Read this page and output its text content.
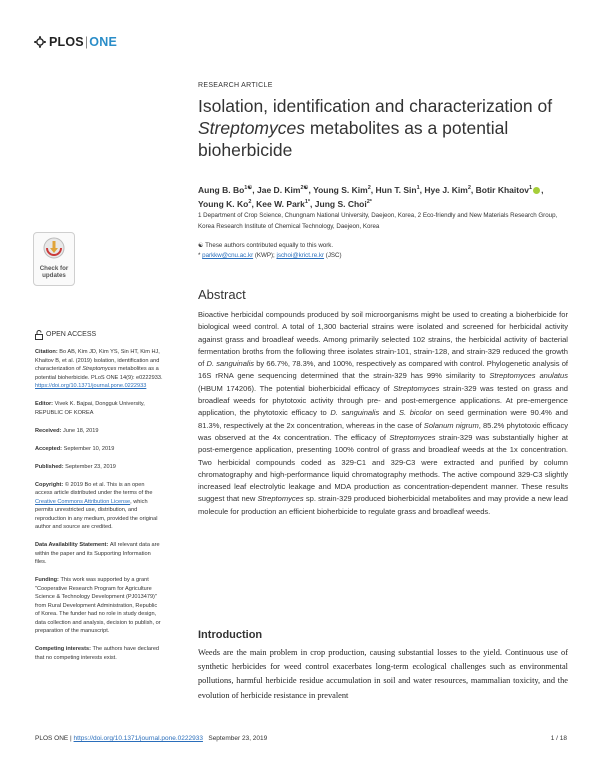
PLOS | ONE
RESEARCH ARTICLE
Isolation, identification and characterization of Streptomyces metabolites as a potential bioherbicide
Aung B. $Bo^{1☯}$, Jae D. Kim$^{2☯}$, Young S. Kim$^2$, Hun T. Sin$^1$, Hye J. Kim$^2$, Botir Khaitov$^1$ , Young K. Ko$^2$, Kee W. Park$^{1*}$, Jung S. Choi$^{2*}$
1 Department of Crop Science, Chungnam National University, Daejeon, Korea, 2 Eco-friendly and New Materials Research Group, Korea Research Institute of Chemical Technology, Daejeon, Korea
☯ These authors contributed equally to this work.
* parkkw@cnu.ac.kr (KWP); jschoi@krict.re.kr (JSC)
Check for
updates
OPEN ACCESS

Citation: Bo AB, Kim JD, Kim YS, Sin HT, Kim HJ, Khaitov B, et al. (2019) Isolation, identification and characterization of Streptomyces metabolites as a potential bioherbicide. PLoS ONE 14(9): e0222933. https://doi.org/10.1371/journal.pone.0222933

Editor: Vivek K. Bajpai, Dongguk University, REPUBLIC OF KOREA

Received: June 18, 2019

Accepted: September 10, 2019

Published: September 23, 2019

Copyright: © 2019 Bo et al. This is an open access article distributed under the terms of the Creative Commons Attribution License, which permits unrestricted use, distribution, and reproduction in any medium, provided the original author and source are credited.

Data Availability Statement: All relevant data are within the paper and its Supporting Information files.

Funding: This work was supported by a grant "Cooperative Research Program for Agriculture Science & Technology Development (PJ013479)" from Rural Development Administration, Republic of Korea. The funder had no role in study design, data collection and analysis, decision to publish, or preparation of the manuscript.

Competing interests: The authors have declared that no competing interests exist.

Abstract
Bioactive herbicidal compounds produced by soil microorganisms might be used to creating a bioherbicide for biological weed control. A total of 1,300 bacterial strains were isolated and screened for herbicidal activity against grass and broadleaf weeds. Among primarily selected 102 strains, the herbicidal activity of bacterial fermentation broths from the following three isolates strain-101, strain-128, and strain-329 reduced the growth of D. sanguinalis by 66.7%, 78.3%, and 100%, respectively as compared with control. Phylogenetic analysis of 16S rRNA gene sequencing determined that the strain-329 has 99% similarity to Streptomyces anulatus (HBUM 174206). The potential bioherbicidal efficacy of Streptomyces strain-329 was tested on grass and broadleaf weeds for phytotoxic activity through pre- and post-emergence applications. At pre-emergence application, the phytotoxic efficacy to D. sanguinalis and S. bicolor on seed germination were 90.4% and 81.3%, respectively at the 2x concentration, whereas in the case of Solanum nigrum, 85.2% phytotoxic efficacy was observed at the 4x concentration. The efficacy of Streptomyces strain-329 was substantially higher at post-emergence application, presenting 100% control of grass and broadleaf weeds at the 1x concentration. Two herbicidal compounds coded as 329-C1 and 329-C3 were extracted and purified by column chromatography and high-performance liquid chromatography methods. The active compound 329-C3 slightly increased leaf electrolytic leakage and MDA production as concentration-dependent manner. These results suggest that new Streptomyces sp. strain-329 produced bioherbicidal metabolites and may provide a new lead molecule for production an efficient bioherbicide to regulate grass and broadleaf weeds.
Introduction
Weeds are the main problem in crop production, causing substantial losses to the yield. Continuous use of synthetic herbicides for weed control exacerbates long-term ecological challenges such as environmental pollutions, harmful herbicide residue accumulation in soil and water resources, mammalian toxicity, and the evolution of herbicide resistance in prevalent
PLOS ONE | https://doi.org/10.1371/journal.pone.0222933 September 23, 2019	1 / 18
